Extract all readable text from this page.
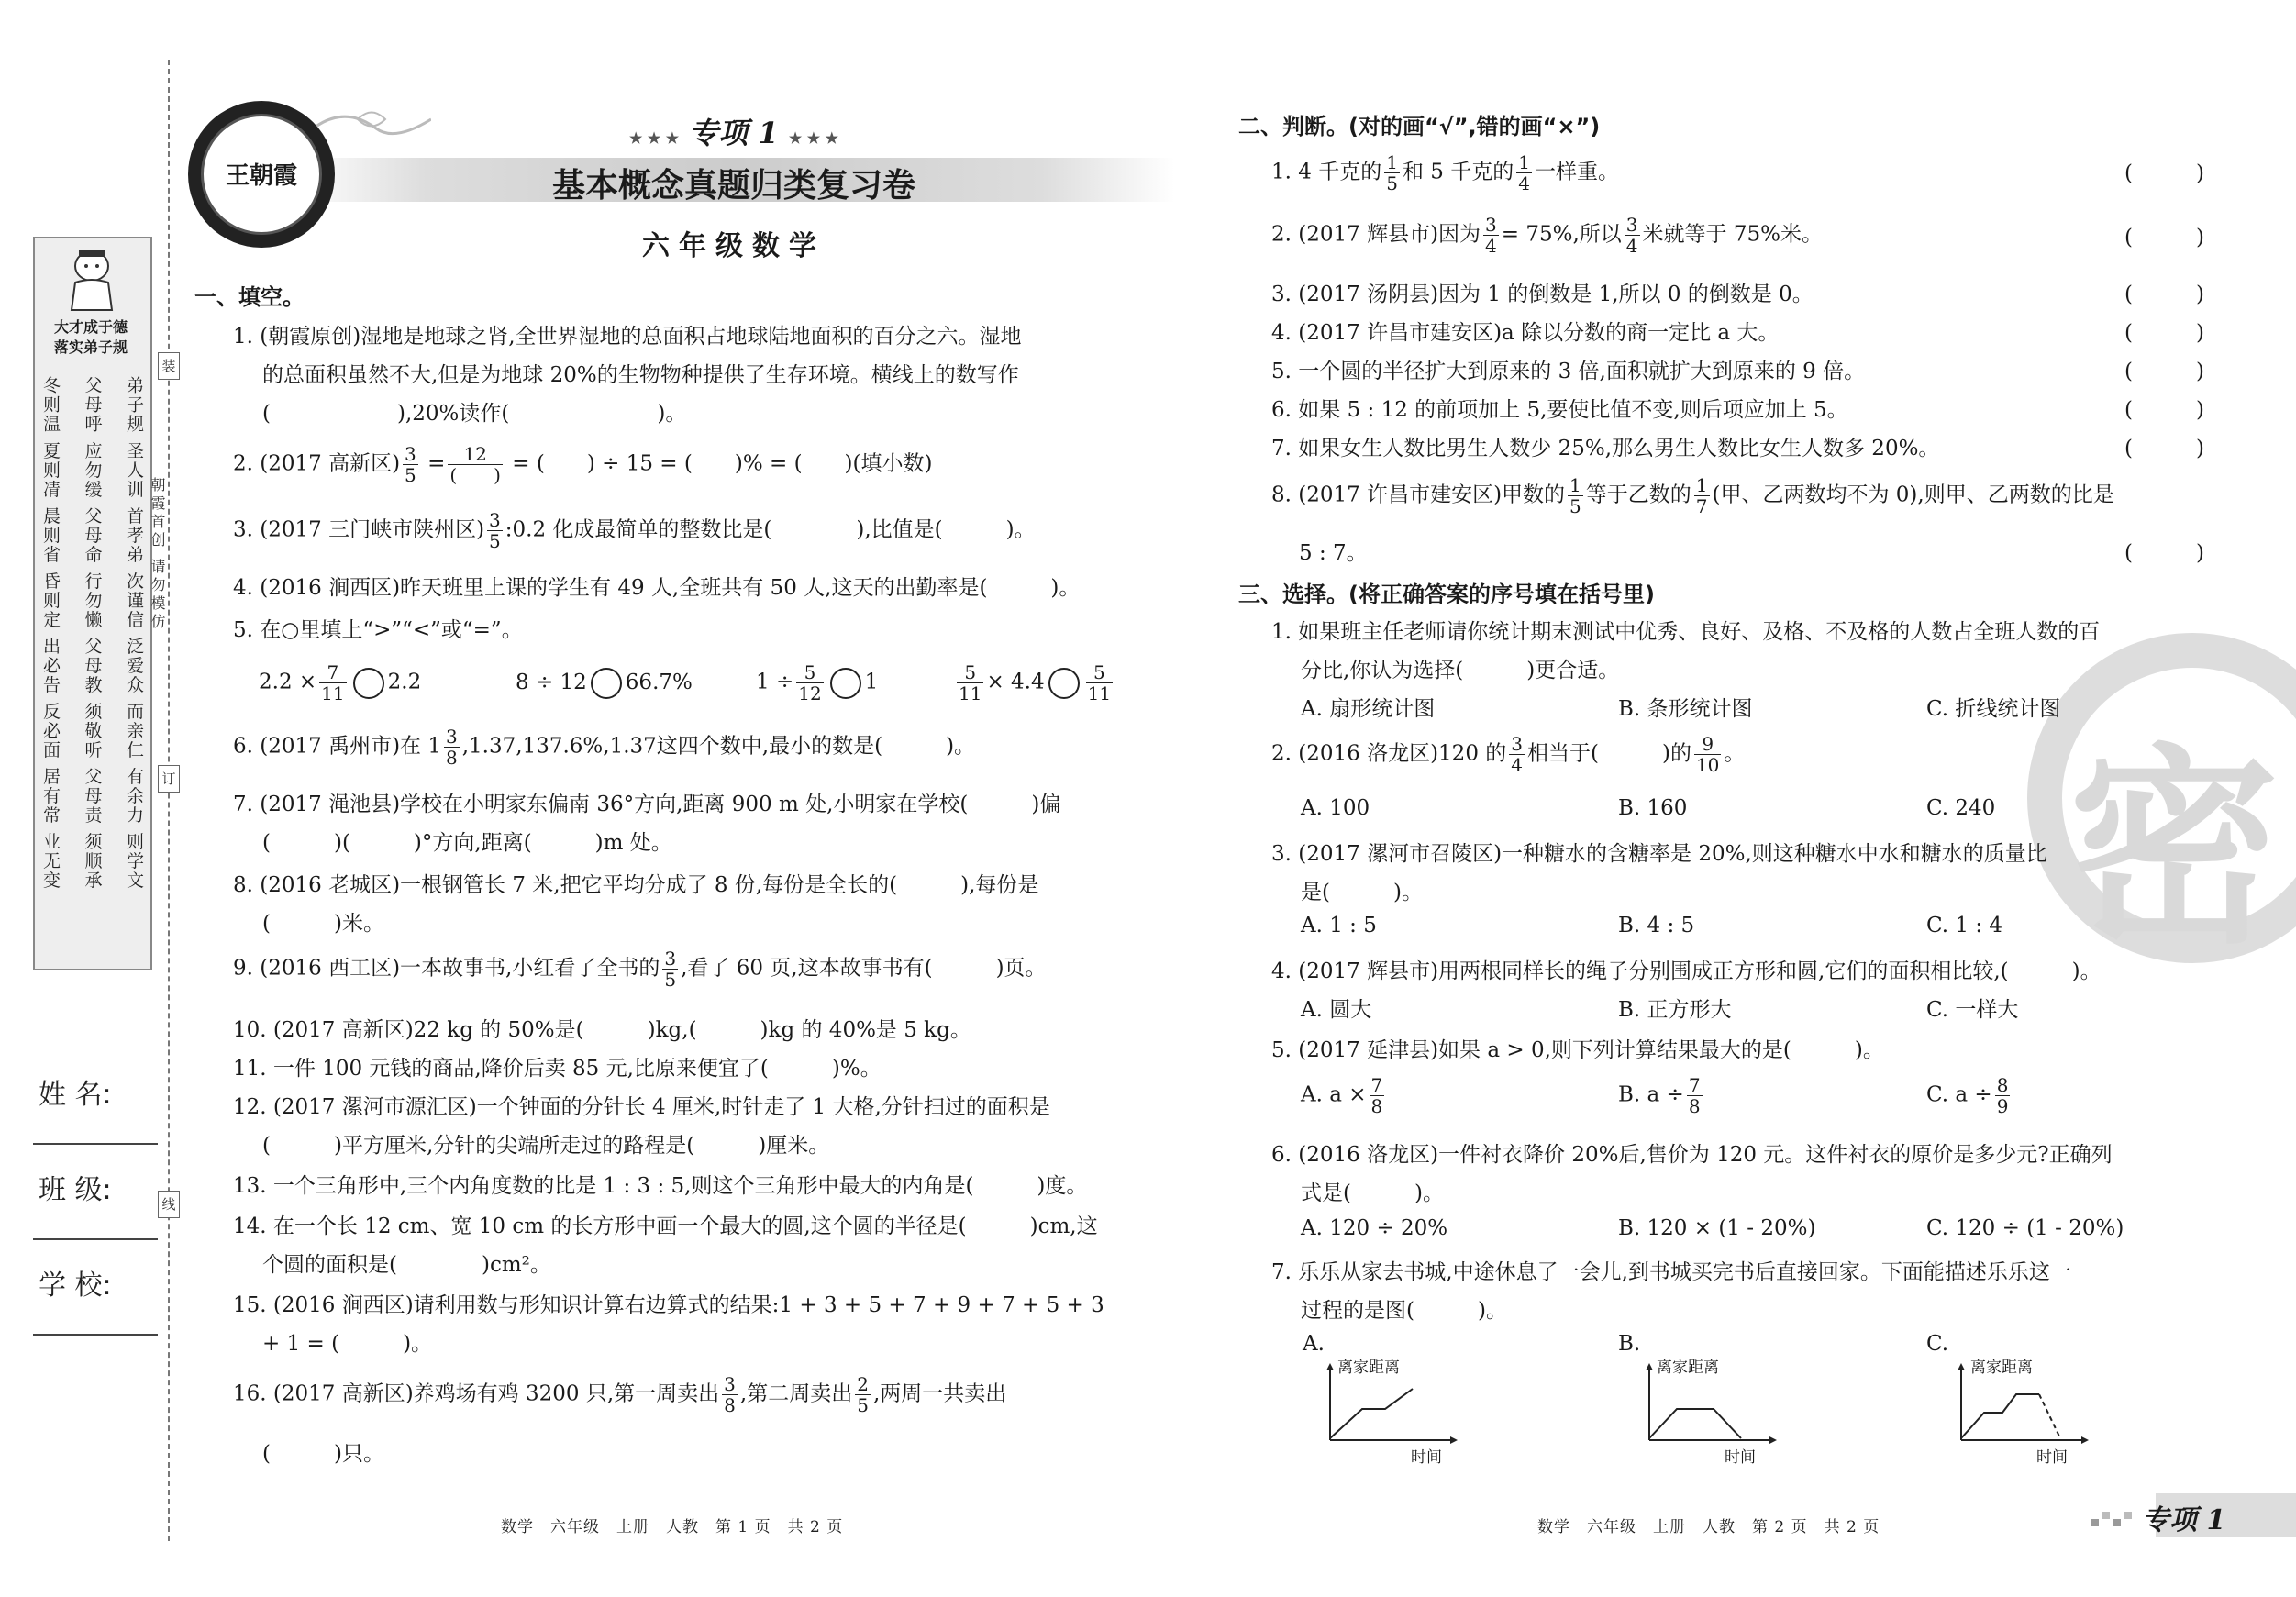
大才成于德
落实弟子规
弟子规 圣人训 首孝弟 次谨信 泛爱众 而亲仁 有余力 则学文
父母呼 应勿缓 父母命 行勿懒 父母教 须敬听 父母责 须顺承
冬则温 夏则凊 晨则省 昏则定 出必告 反必面 居有常 业无变
装
朝霞首创 请勿模仿
订
线
姓 名:
班 级:
学 校:
王朝霞
★ ★ ★ 专项 1 ★ ★ ★
基本概念真题归类复习卷
六年级数学
一、填空。
1. (朝霞原创)湿地是地球之肾,全世界湿地的总面积占地球陆地面积的百分之六。湿地
的总面积虽然不大,但是为地球 20%的生物物种提供了生存环境。横线上的数写作
(　　　　　　),20%读作(　　　　　　　)。
2. (2017 高新区) $\frac{3}{5} = \frac{12}{( )}$ = (　　) ÷ 15 = (　　)% = (　　)(填小数)
3. (2017 三门峡市陕州区) $\frac{3}{5}$ :0.2 化成最简单的整数比是(　　　　),比值是(　　　)。
4. (2016 涧西区)昨天班里上课的学生有 49 人,全班共有 50 人,这天的出勤率是(　　　)。
5. 在○里填上“>”“<”或“=”。
$2.2 \times \frac{7}{11} 2.2$	8 ÷ 12 66.7%	$1 \div \frac{5}{12} 1$	$\frac{5}{11} \times 4.4 \frac{5}{11}$
6. (2017 禹州市)在 $1 \frac{3}{8} ,1.37,137.6\%,1.37$这四个数中,最小的数是(　　　)。
7. (2017 渑池县)学校在小明家东偏南 36°方向,距离 900 m 处,小明家在学校(　　　)偏
(　　　)(　　　)°方向,距离(　　　)m 处。
8. (2016 老城区)一根钢管长 7 米,把它平均分成了 8 份,每份是全长的(　　　),每份是
(　　　)米。
9. (2016 西工区)一本故事书,小红看了全书的 $\frac{3}{5}$ ,看了 60 页,这本故事书有(　　　)页。
10. (2017 高新区)22 kg 的 50%是(　　　)kg,(　　　)kg 的 40%是 5 kg。
11. 一件 100 元钱的商品,降价后卖 85 元,比原来便宜了(　　　)%。
12. (2017 漯河市源汇区)一个钟面的分针长 4 厘米,时针走了 1 大格,分针扫过的面积是
(　　　)平方厘米,分针的尖端所走过的路程是(　　　)厘米。
13. 一个三角形中,三个内角度数的比是 1 : 3 : 5,则这个三角形中最大的内角是(　　　)度。
14. 在一个长 12 cm、宽 10 cm 的长方形中画一个最大的圆,这个圆的半径是(　　　)cm,这
个圆的面积是(　　　　)cm²。
15. (2016 涧西区)请利用数与形知识计算右边算式的结果:1 + 3 + 5 + 7 + 9 + 7 + 5 + 3
+ 1 = (　　　)。
16. (2017 高新区)养鸡场有鸡 3200 只,第一周卖出 $\frac{3}{8}$ ,第二周卖出 $\frac{2}{5}$ ,两周一共卖出
(　　　)只。
数学　六年级　上册　人教　第 1 页　共 2 页
密
二、判断。(对的画“√”,错的画“×”)
1. 4 千克的 $\frac{1}{5}$ 和 5 千克的 $\frac{1}{4}$ 一样重。	(　　　)
2. (2017 辉县市)因为 $\frac{3}{4} = 75\%$,所以 $\frac{3}{4}$ 米就等于 75%米。	(　　　)
3. (2017 汤阴县)因为 1 的倒数是 1,所以 0 的倒数是 0。	(　　　)
4. (2017 许昌市建安区)a 除以分数的商一定比 a 大。	(　　　)
5. 一个圆的半径扩大到原来的 3 倍,面积就扩大到原来的 9 倍。	(　　　)
6. 如果 5 : 12 的前项加上 5,要使比值不变,则后项应加上 5。	(　　　)
7. 如果女生人数比男生人数少 25%,那么男生人数比女生人数多 20%。	(　　　)
8. (2017 许昌市建安区)甲数的 $\frac{1}{5}$ 等于乙数的 $\frac{1}{7}$ (甲、乙两数均不为 0),则甲、乙两数的比是
5 : 7。	(　　　)
三、选择。(将正确答案的序号填在括号里)
1. 如果班主任老师请你统计期末测试中优秀、良好、及格、不及格的人数占全班人数的百
分比,你认为选择(　　　)更合适。
A. 扇形统计图	B. 条形统计图	C. 折线统计图
2. (2016 洛龙区)120 的 $\frac{3}{4}$ 相当于(　　　)的 $\frac{9}{10}$ 。
A. 100	B. 160	C. 240
3. (2017 漯河市召陵区)一种糖水的含糖率是 20%,则这种糖水中水和糖水的质量比
是(　　　)。
A. 1 : 5	B. 4 : 5	C. 1 : 4
4. (2017 辉县市)用两根同样长的绳子分别围成正方形和圆,它们的面积相比较,(　　　)。
A. 圆大	B. 正方形大	C. 一样大
5. (2017 延津县)如果 a > 0,则下列计算结果最大的是(　　　)。
A. $a \times \frac{7}{8}$	B. $a \div \frac{7}{8}$	C. $a \div \frac{8}{9}$
6. (2016 洛龙区)一件衬衣降价 20%后,售价为 120 元。这件衬衣的原价是多少元?正确列
式是(　　　)。
A. 120 ÷ 20%	B. 120 × (1 - 20%)	C. 120 ÷ (1 - 20%)
7. 乐乐从家去书城,中途休息了一会儿,到书城买完书后直接回家。下面能描述乐乐这一
过程的是图(　　　)。
A.	B.	C.
离家距离
时间
离家距离
时间
离家距离
时间
数学　六年级　上册　人教　第 2 页　共 2 页	专项 1
